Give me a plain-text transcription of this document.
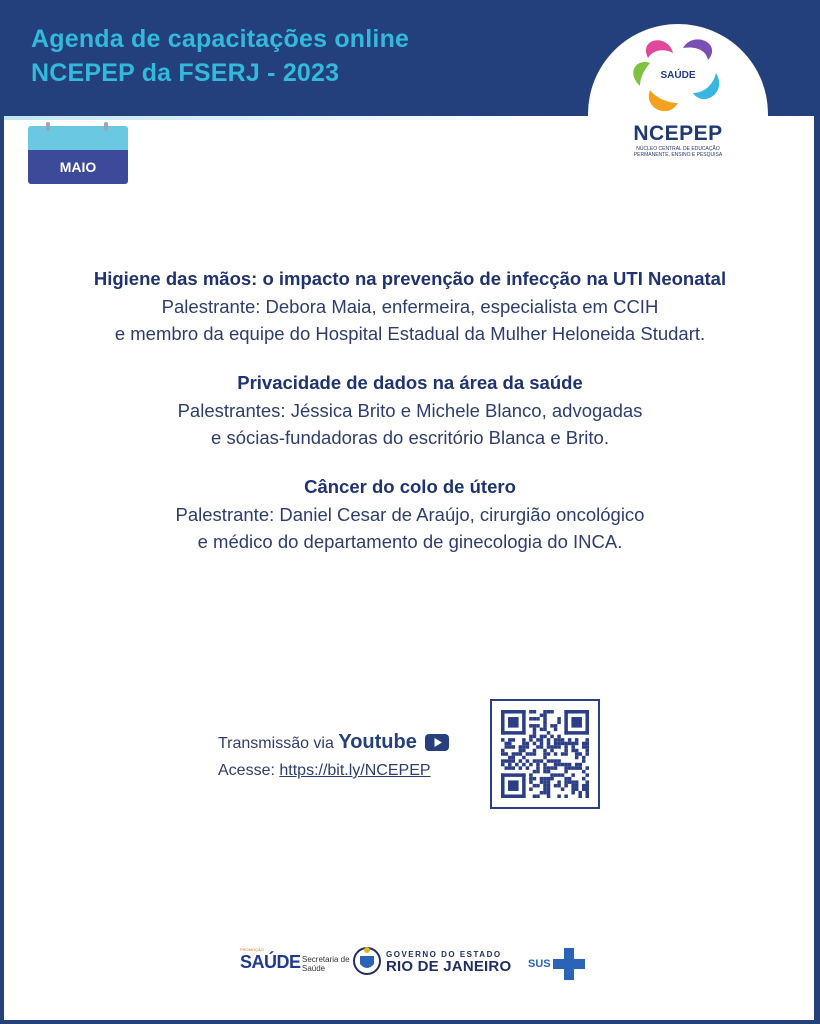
Agenda de capacitações online
NCEPEP da FSERJ - 2023	SAÚDE
NCEPEP
NÚCLEO CENTRAL DE EDUCAÇÃO PERMANENTE, ENSINO E PESQUISA
MAIO
Higiene das mãos: o impacto na prevenção de infecção na UTI Neonatal
Palestrante: Debora Maia, enfermeira, especialista em CCIH
e membro da equipe do Hospital Estadual da Mulher Heloneida Studart.
Privacidade de dados na área da saúde
Palestrantes: Jéssica Brito e Michele Blanco, advogadas
e sócias-fundadoras do escritório Blanca e Brito.
Câncer do colo de útero
Palestrante: Daniel Cesar de Araújo, cirurgião oncológico
e médico do departamento de ginecologia do INCA.
Transmissão via Youtube
Acesse: https://bit.ly/NCEPEP
PROMOÇÃO
SAÚDE Secretaria de
Saúde
GOVERNO DO ESTADO
RIO DE JANEIRO SUS
